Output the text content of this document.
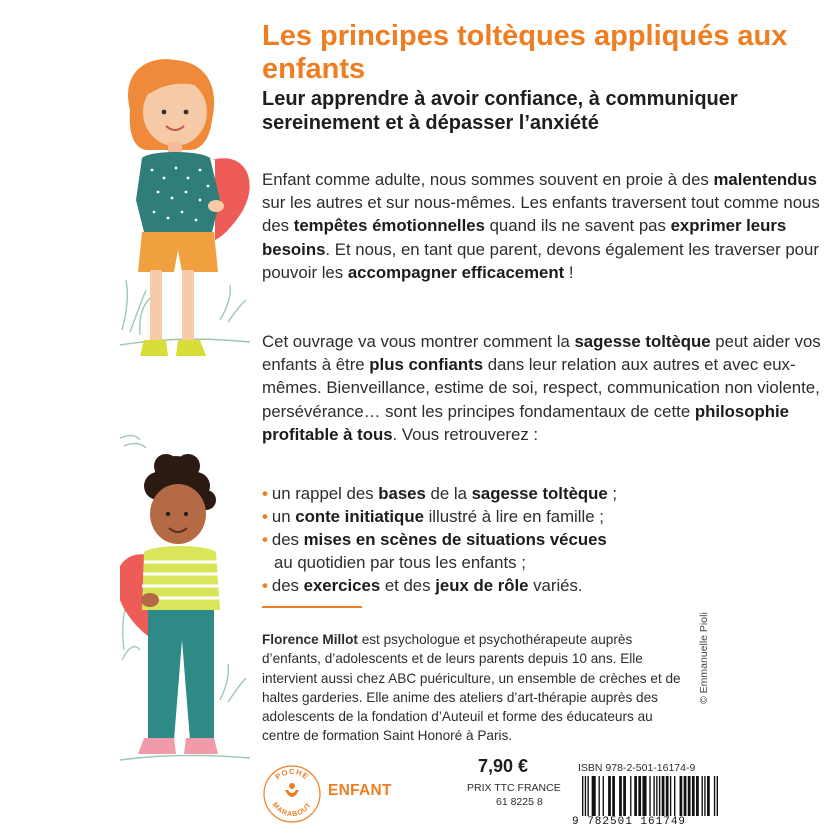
Les principes toltèques appliqués aux enfants
Leur apprendre à avoir confiance, à communiquer sereinement et à dépasser l’anxiété

Enfant comme adulte, nous sommes souvent en proie à des malentendus sur les autres et sur nous-mêmes. Les enfants traversent tout comme nous des tempêtes émotionnelles quand ils ne savent pas exprimer leurs besoins. Et nous, en tant que parent, devons également les traverser pour pouvoir les accompagner efficacement !

Cet ouvrage va vous montrer comment la sagesse toltèque peut aider vos enfants à être plus confiants dans leur relation aux autres et avec eux-mêmes. Bienveillance, estime de soi, respect, communication non violente, persévérance… sont les principes fondamentaux de cette philosophie profitable à tous. Vous retrouverez :

• un rappel des bases de la sagesse toltèque ;

• un conte initiatique illustré à lire en famille ;

• des mises en scènes de situations vécues

au quotidien par tous les enfants ;

• des exercices et des jeux de rôle variés.

Florence Millot est psychologue et psychothérapeute auprès d’enfants, d’adolescents et de leurs parents depuis 10 ans. Elle intervient aussi chez ABC puériculture, un ensemble de crèches et de haltes garderies. Elle anime des ateliers d’art-thérapie auprès des adolescents de la fondation d’Auteuil et forme des éducateurs au centre de formation Saint Honoré à Paris.

© Emmanuelle Pioli
POCHE
MARABOUT
ENFANT
7,90 €
PRIX TTC FRANCE
61 8225 8
ISBN 978-2-501-16174-9
9 782501 161749
